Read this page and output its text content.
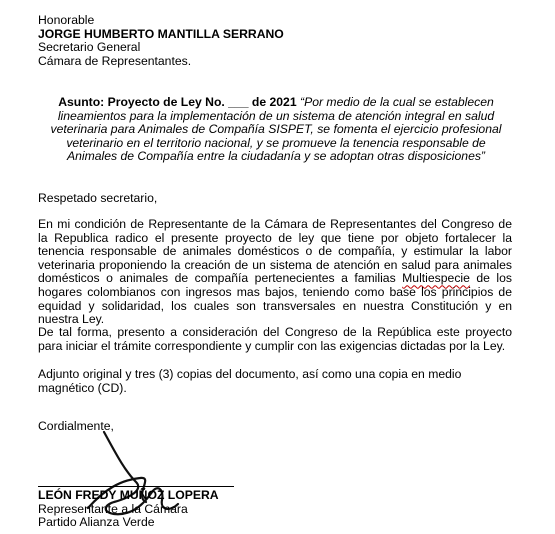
Honorable
JORGE HUMBERTO MANTILLA SERRANO
Secretario General
Cámara de Representantes.
Asunto: Proyecto de Ley No. ___ de 2021 “Por medio de la cual se establecen lineamientos para la implementación de un sistema de atención integral en salud veterinaria para Animales de Compañía SISPET, se fomenta el ejercicio profesional veterinario en el territorio nacional, y se promueve la tenencia responsable de Animales de Compañía entre la ciudadanía y se adoptan otras disposiciones”
Respetado secretario,
En mi condición de Representante de la Cámara de Representantes del Congreso de la Republica radico el presente proyecto de ley que tiene por objeto fortalecer la tenencia responsable de animales domésticos o de compañía, y estimular la labor veterinaria proponiendo la creación de un sistema de atención en salud para animales domésticos o animales de compañía pertenecientes a familias Multiespecie de los hogares colombianos con ingresos mas bajos, teniendo como base los principios de equidad y solidaridad, los cuales son transversales en nuestra Constitución y en nuestra Ley.
De tal forma, presento a consideración del Congreso de la República este proyecto para iniciar el trámite correspondiente y cumplir con las exigencias dictadas por la Ley.
Adjunto original y tres (3) copias del documento, así como una copia en medio magnético (CD).
Cordialmente,
LEÓN FREDY MUÑOZ LOPERA
Representante a la Cámara
Partido Alianza Verde
